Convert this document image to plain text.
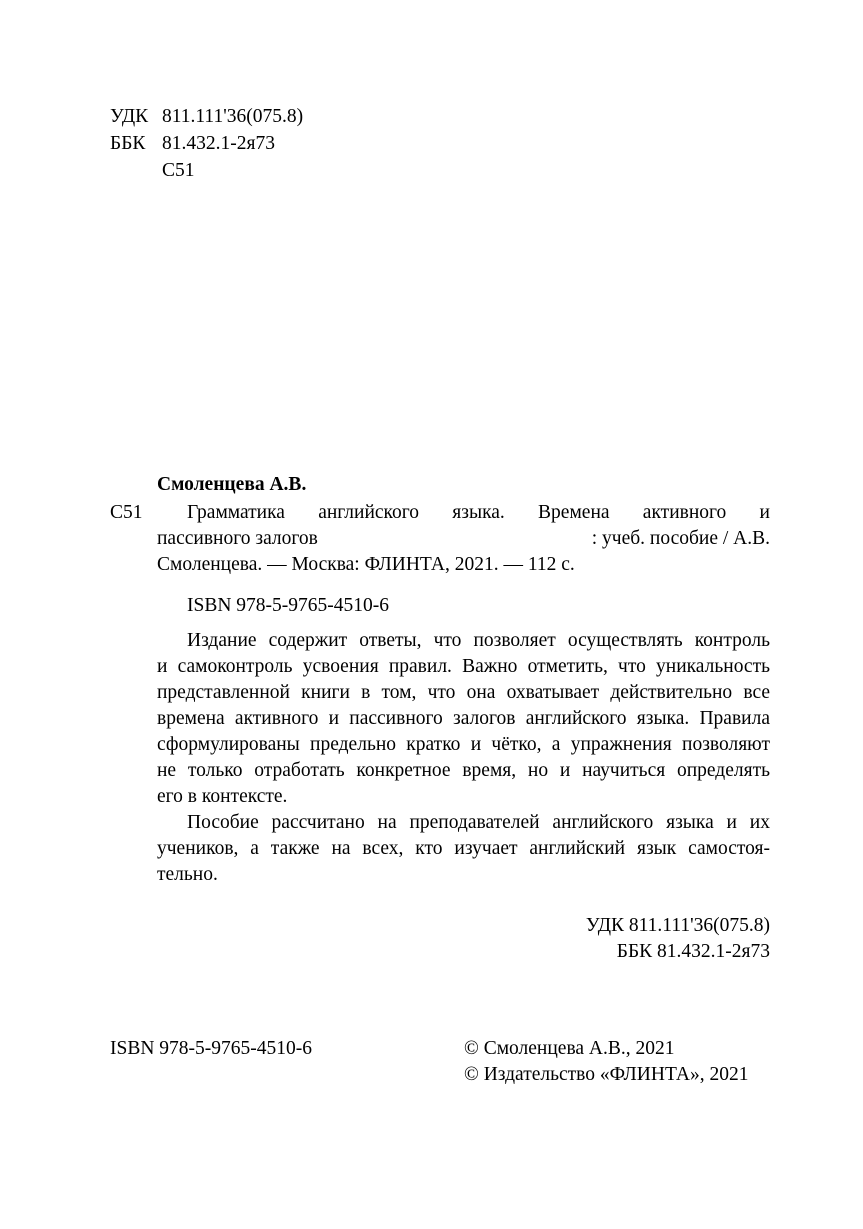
УДК 811.111'36(075.8)
ББК 81.432.1-2я73
С51
Смоленцева А.В.
С51 Грамматика английского языка. Времена активного и
пассивного залогов	: учеб. пособие / А.В.
Смоленцева. — Москва: ФЛИНТА, 2021. — 112 с.
ISBN 978-5-9765-4510-6
Издание содержит ответы, что позволяет осуществлять контроль
и самоконтроль усвоения правил. Важно отметить, что уникальность
представленной книги в том, что она охватывает действительно все
времена активного и пассивного залогов английского языка. Правила
сформулированы предельно кратко и чётко, а упражнения позволяют
не только отработать конкретное время, но и научиться определять
его в контексте.
Пособие рассчитано на преподавателей английского языка и их
учеников, а также на всех, кто изучает английский язык самостоя-
тельно.
УДК 811.111'36(075.8)
ББК 81.432.1-2я73
ISBN 978-5-9765-4510-6	© Смоленцева А.В., 2021
© Издательство «ФЛИНТА», 2021
